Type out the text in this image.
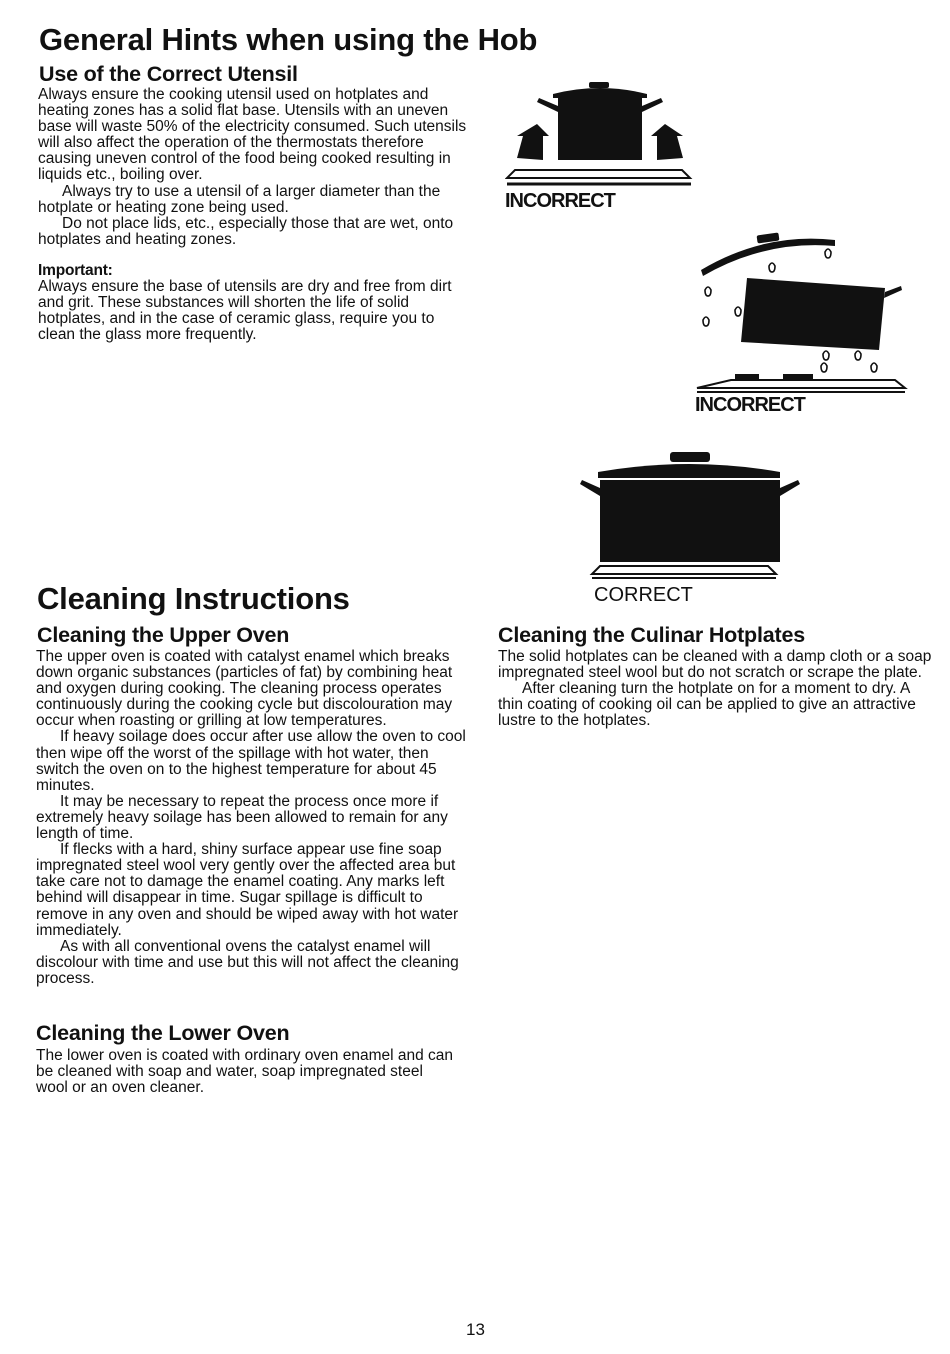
General Hints when using the Hob
Use of the Correct Utensil

Always ensure the cooking utensil used on hotplates and heating zones has a solid flat base. Utensils with an uneven base will waste 50% of the electricity consumed. Such utensils will also affect the operation of the thermostats therefore causing uneven control of the food being cooked resulting in liquids etc., boiling over.

Always try to use a utensil of a larger diameter than the hotplate or heating zone being used.

Do not place lids, etc., especially those that are wet, onto hotplates and heating zones.

Important:

Always ensure the base of utensils are dry and free from dirt and grit. These substances will shorten the life of solid hotplates, and in the case of ceramic glass, require you to clean the glass more frequently.

INCORRECT
INCORRECT
CORRECT
Cleaning Instructions
Cleaning the Upper Oven

The upper oven is coated with catalyst enamel which breaks down organic substances (particles of fat) by combining heat and oxygen during cooking. The cleaning process operates continuously during the cooking cycle but discolouration may occur when roasting or grilling at low temperatures.

If heavy soilage does occur after use allow the oven to cool then wipe off the worst of the spillage with hot water, then switch the oven on to the highest temperature for about 45 minutes.

It may be necessary to repeat the process once more if extremely heavy soilage has been allowed to remain for any length of time.

If flecks with a hard, shiny surface appear use fine soap impregnated steel wool very gently over the affected area but take care not to damage the enamel coating. Any marks left behind will disappear in time. Sugar spillage is difficult to remove in any oven and should be wiped away with hot water immediately.

As with all conventional ovens the catalyst enamel will discolour with time and use but this will not affect the cleaning process.

Cleaning the Lower Oven

The lower oven is coated with ordinary oven enamel and can be cleaned with soap and water, soap impregnated steel wool or an oven cleaner.

Cleaning the Culinar Hotplates

The solid hotplates can be cleaned with a damp cloth or a soap impregnated steel wool but do not scratch or scrape the plate.

After cleaning turn the hotplate on for a moment to dry. A thin coating of cooking oil can be applied to give an attractive lustre to the hotplates.

13
